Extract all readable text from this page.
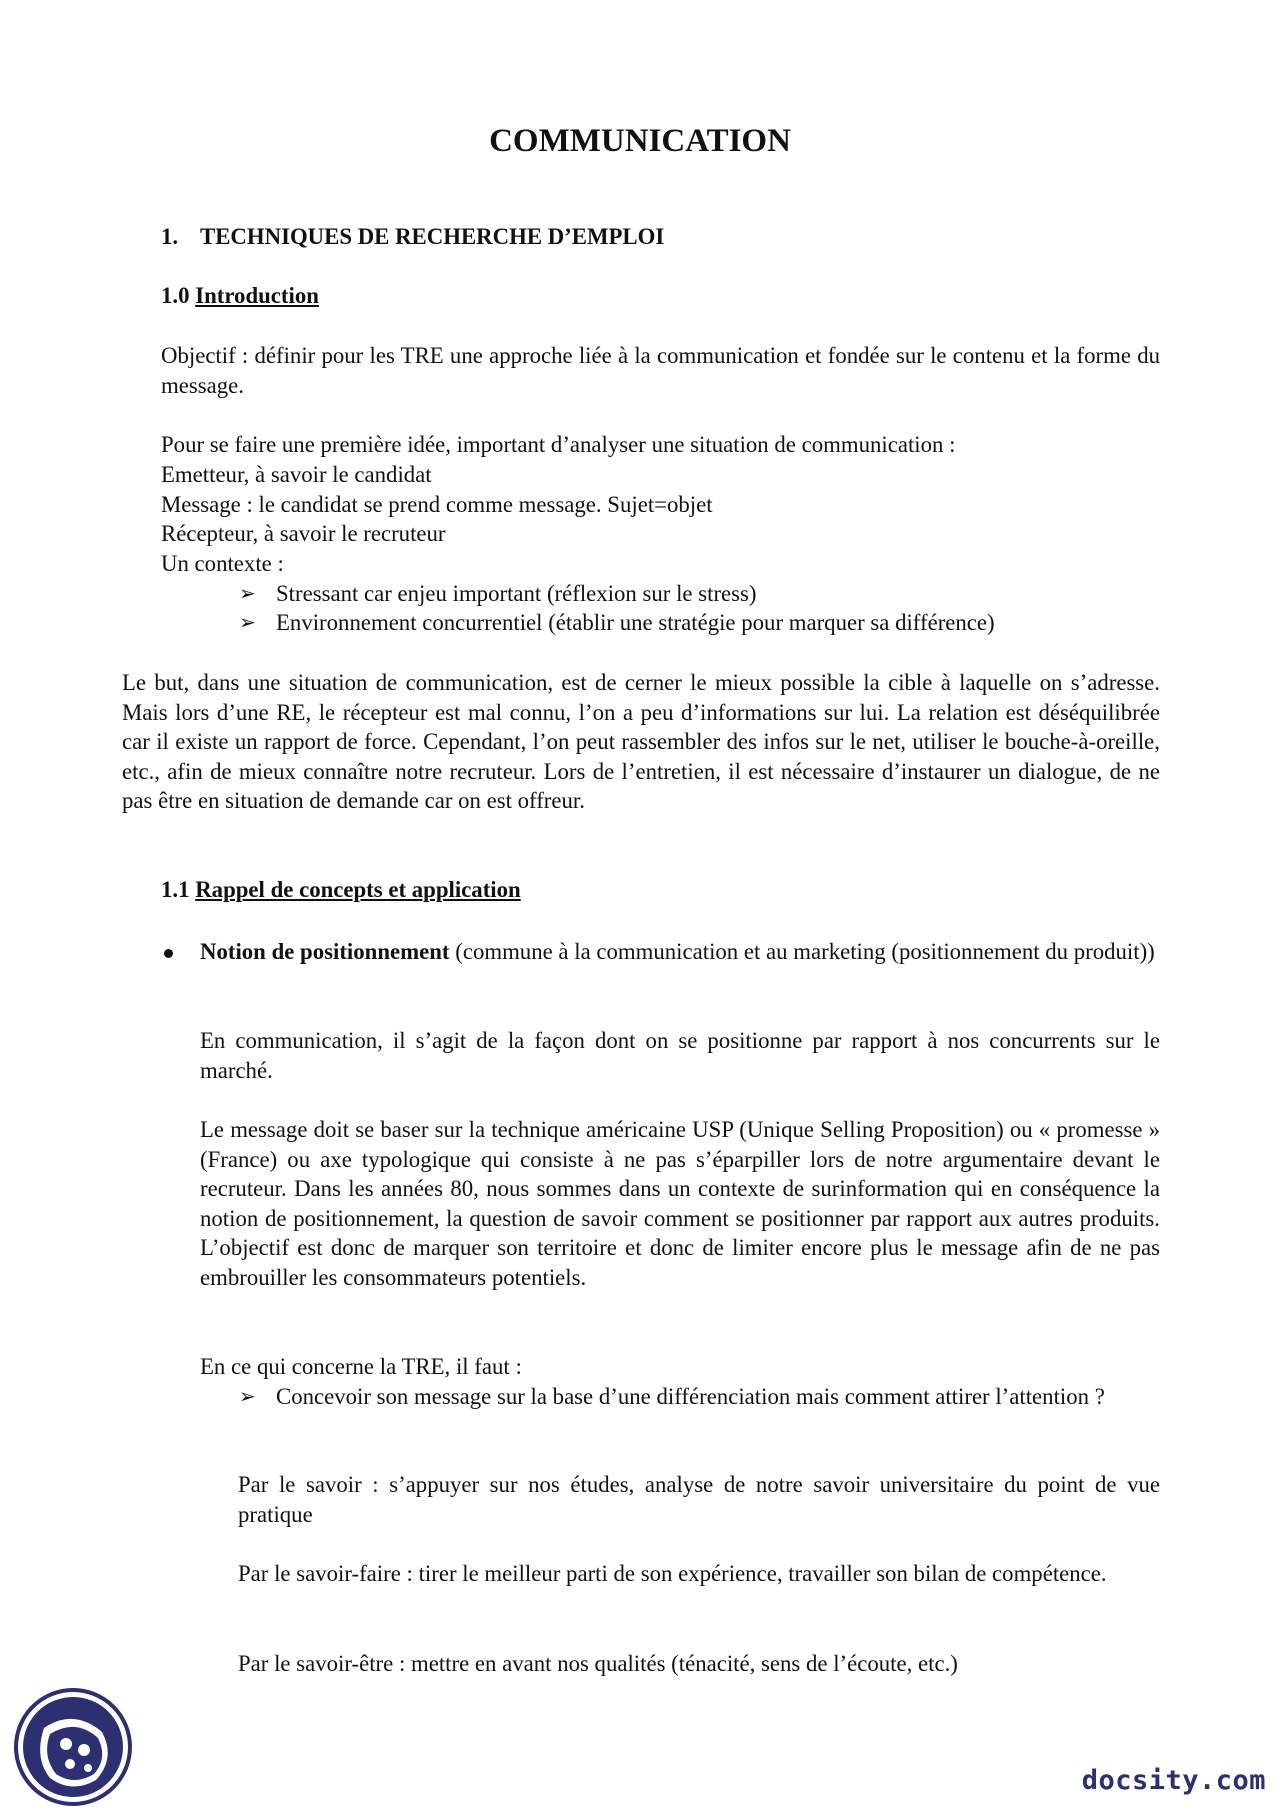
COMMUNICATION
1. TECHNIQUES DE RECHERCHE D’EMPLOI
1.0 Introduction

Objectif : définir pour les TRE une approche liée à la communication et fondée sur le contenu et la forme du message.

Pour se faire une première idée, important d’analyser une situation de communication :

Emetteur, à savoir le candidat

Message : le candidat se prend comme message. Sujet=objet

Récepteur, à savoir le recruteur

Un contexte :

➢ Stressant car enjeu important (réflexion sur le stress)
➢ Environnement concurrentiel (établir une stratégie pour marquer sa différence)

Le but, dans une situation de communication, est de cerner le mieux possible la cible à laquelle on s’adresse. Mais lors d’une RE, le récepteur est mal connu, l’on a peu d’informations sur lui. La relation est déséquilibrée car il existe un rapport de force. Cependant, l’on peut rassembler des infos sur le net, utiliser le bouche-à-oreille, etc., afin de mieux connaître notre recruteur. Lors de l’entretien, il est nécessaire d’instaurer un dialogue, de ne pas être en situation de demande car on est offreur.

1.1 Rappel de concepts et application

Notion de positionnement (commune à la communication et au marketing (positionnement du produit))

En communication, il s’agit de la façon dont on se positionne par rapport à nos concurrents sur le marché.

Le message doit se baser sur la technique américaine USP (Unique Selling Proposition) ou « promesse » (France) ou axe typologique qui consiste à ne pas s’éparpiller lors de notre argumentaire devant le recruteur. Dans les années 80, nous sommes dans un contexte de surinformation qui en conséquence la notion de positionnement, la question de savoir comment se positionner par rapport aux autres produits. L’objectif est donc de marquer son territoire et donc de limiter encore plus le message afin de ne pas embrouiller les consommateurs potentiels.

En ce qui concerne la TRE, il faut :

➢ Concevoir son message sur la base d’une différenciation mais comment attirer l’attention ?

Par le savoir : s’appuyer sur nos études, analyse de notre savoir universitaire du point de vue pratique

Par le savoir-faire : tirer le meilleur parti de son expérience, travailler son bilan de compétence.

Par le savoir-être : mettre en avant nos qualités (ténacité, sens de l’écoute, etc.)

docsity.com
